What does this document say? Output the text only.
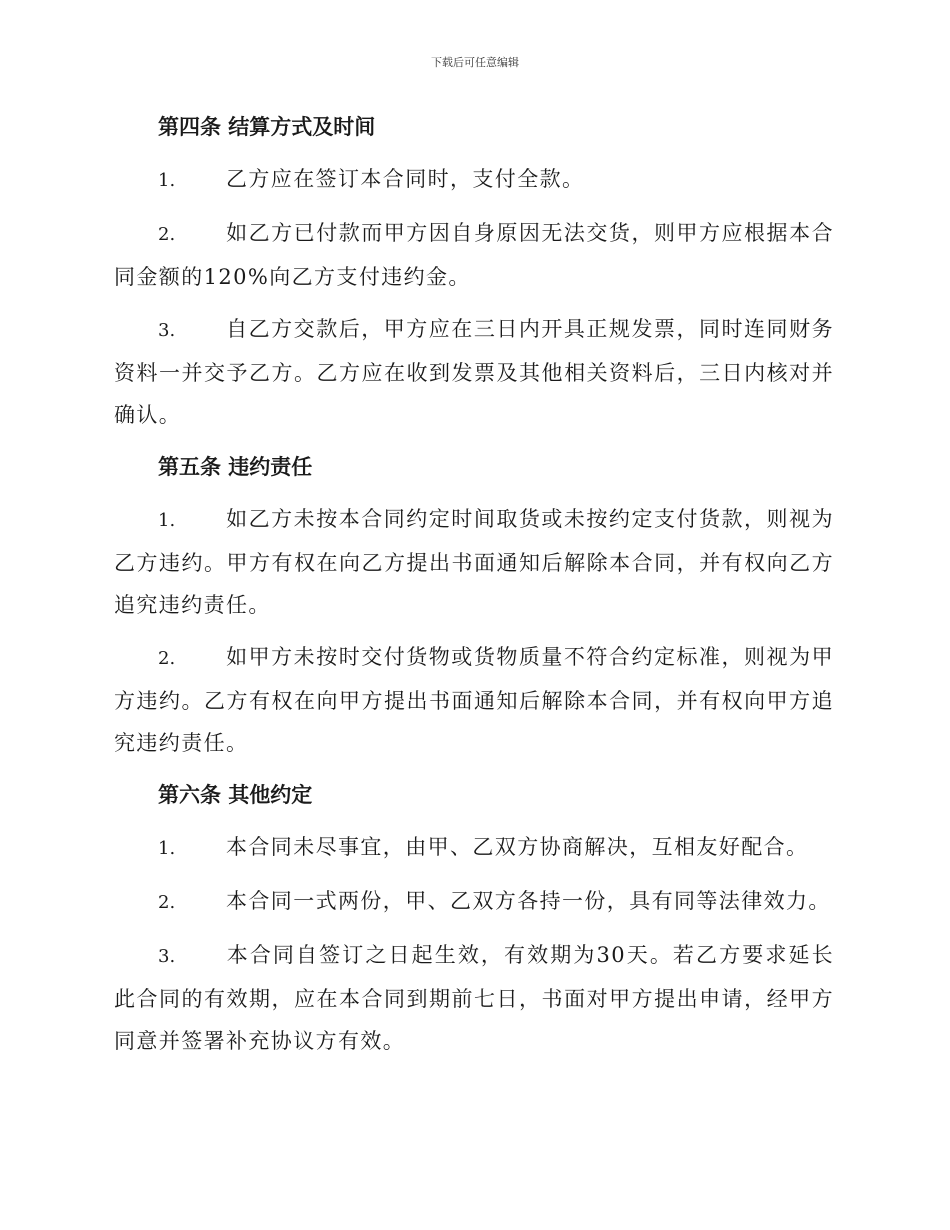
下载后可任意编辑
第四条 结算方式及时间

1. 乙方应在签订本合同时，支付全款。

2. 如乙方已付款而甲方因自身原因无法交货，则甲方应根据本合同金额的120%向乙方支付违约金。

3. 自乙方交款后，甲方应在三日内开具正规发票，同时连同财务资料一并交予乙方。乙方应在收到发票及其他相关资料后，三日内核对并确认。

第五条 违约责任

1. 如乙方未按本合同约定时间取货或未按约定支付货款，则视为乙方违约。甲方有权在向乙方提出书面通知后解除本合同，并有权向乙方追究违约责任。

2. 如甲方未按时交付货物或货物质量不符合约定标准，则视为甲方违约。乙方有权在向甲方提出书面通知后解除本合同，并有权向甲方追究违约责任。

第六条 其他约定

1. 本合同未尽事宜，由甲、乙双方协商解决，互相友好配合。

2. 本合同一式两份，甲、乙双方各持一份，具有同等法律效力。

3. 本合同自签订之日起生效，有效期为30天。若乙方要求延长此合同的有效期，应在本合同到期前七日，书面对甲方提出申请，经甲方同意并签署补充协议方有效。
